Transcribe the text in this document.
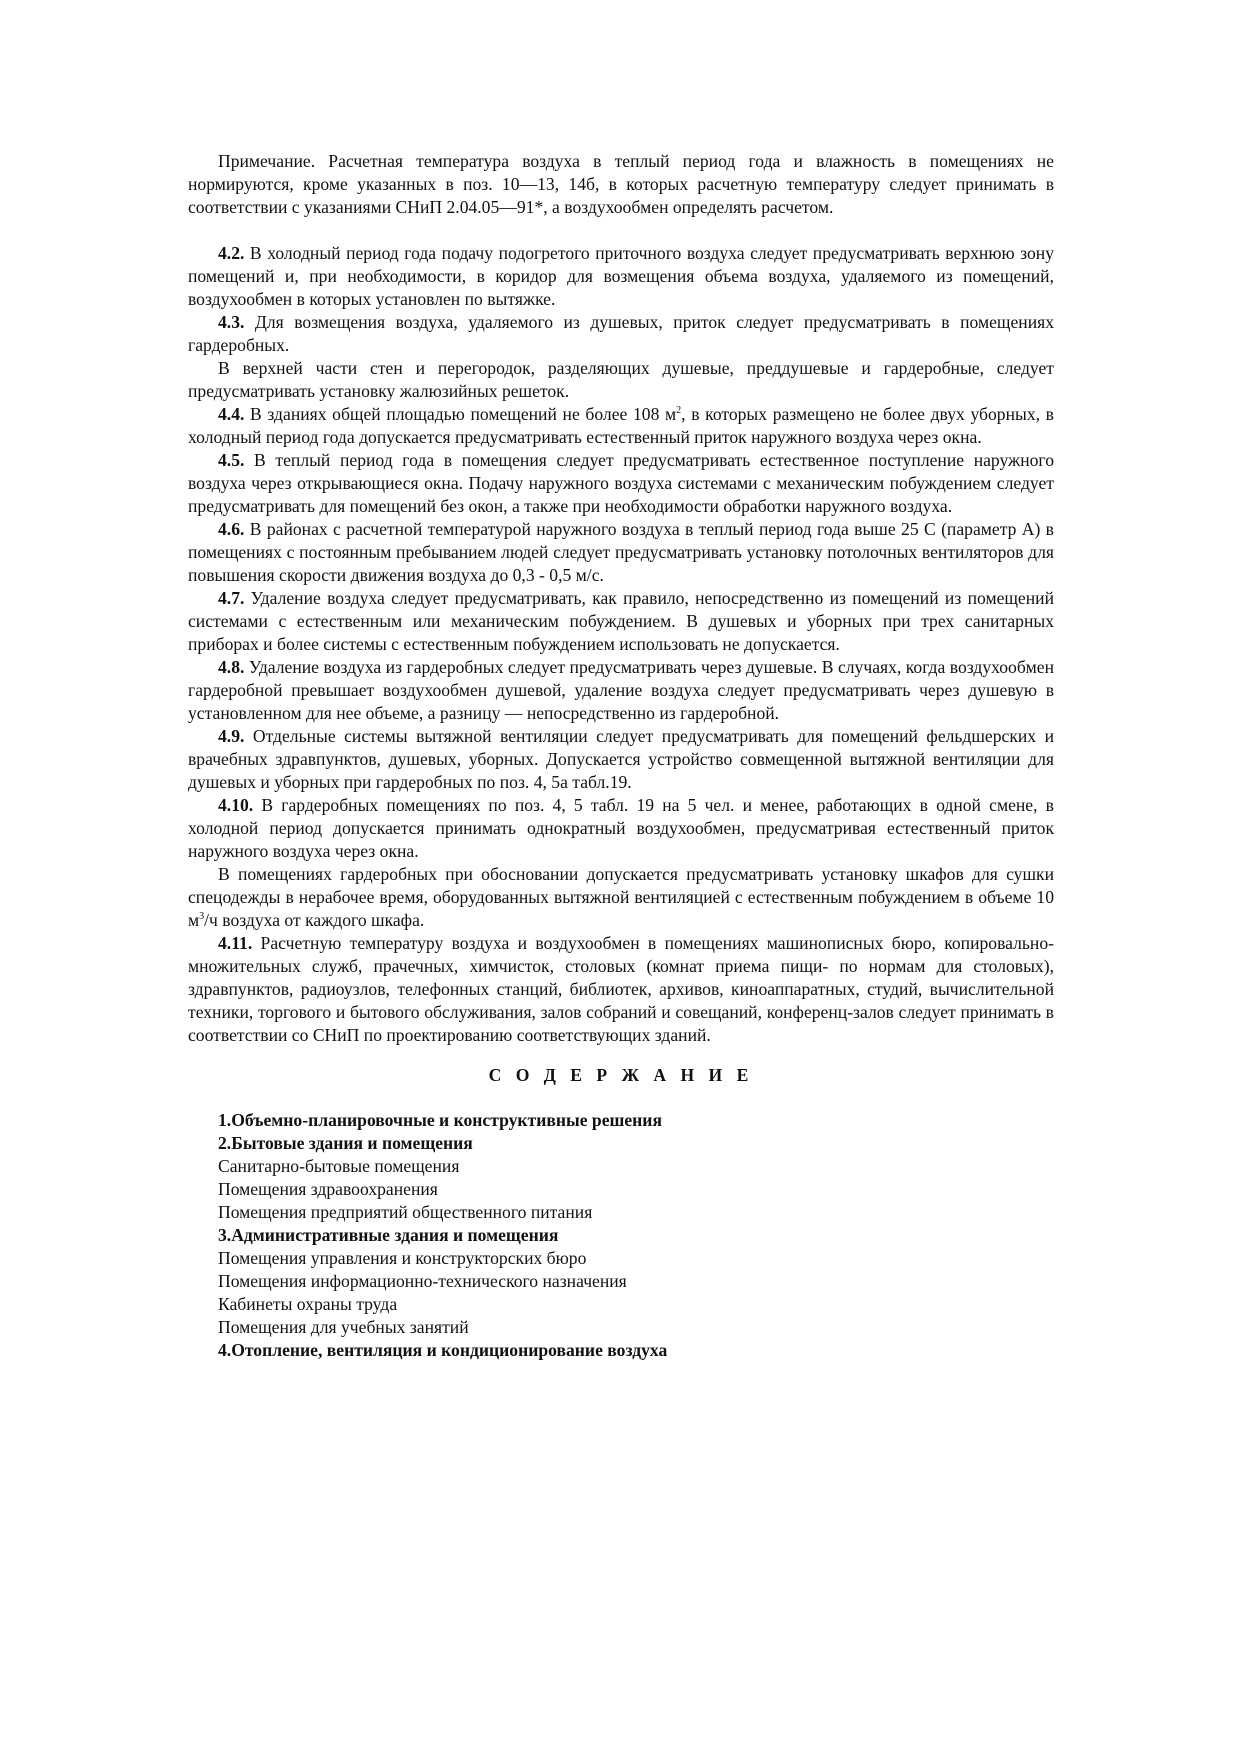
Примечание. Расчетная температура воздуха в теплый период года и влажность в помещениях не нормируются, кроме указанных в поз. 10—13, 14б, в которых расчетную температуру следует принимать в соответствии с указаниями СНиП 2.04.05—91*, а воздухообмен определять расчетом.

4.2. В холодный период года подачу подогретого приточного воздуха следует предусматривать верхнюю зону помещений и, при необходимости, в коридор для возмещения объема воздуха, удаляемого из помещений, воздухообмен в которых установлен по вытяжке.

4.3. Для возмещения воздуха, удаляемого из душевых, приток следует предусматривать в помещениях гардеробных.

В верхней части стен и перегородок, разделяющих душевые, преддушевые и гардеробные, следует предусматривать установку жалюзийных решеток.

4.4. В зданиях общей площадью помещений не более 108 $м^2$, в которых размещено не более двух уборных, в холодный период года допускается предусматривать естественный приток наружного воздуха через окна.

4.5. В теплый период года в помещения следует предусматривать естественное поступление наружного воздуха через открывающиеся окна. Подачу наружного воздуха системами с механическим побуждением следует предусматривать для помещений без окон, а также при необходимости обработки наружного воздуха.

4.6. В районах с расчетной температурой наружного воздуха в теплый период года выше 25 С (параметр А) в помещениях с постоянным пребыванием людей следует предусматривать установку потолочных вентиляторов для повышения скорости движения воздуха до 0,3 - 0,5 м/с.

4.7. Удаление воздуха следует предусматривать, как правило, непосредственно из помещений из помещений системами с естественным или механическим побуждением. В душевых и уборных при трех санитарных приборах и более системы с естественным побуждением использовать не допускается.

4.8. Удаление воздуха из гардеробных следует предусматривать через душевые. В случаях, когда воздухообмен гардеробной превышает воздухообмен душевой, удаление воздуха следует предусматривать через душевую в установленном для нее объеме, а разницу — непосредственно из гардеробной.

4.9. Отдельные системы вытяжной вентиляции следует предусматривать для помещений фельдшерских и врачебных здравпунктов, душевых, уборных. Допускается устройство совмещенной вытяжной вентиляции для душевых и уборных при гардеробных по поз. 4, 5а табл.19.

4.10. В гардеробных помещениях по поз. 4, 5 табл. 19 на 5 чел. и менее, работающих в одной смене, в холодной период допускается принимать однократный воздухообмен, предусматривая естественный приток наружного воздуха через окна.

В помещениях гардеробных при обосновании допускается предусматривать установку шкафов для сушки спецодежды в нерабочее время, оборудованных вытяжной вентиляцией с естественным побуждением в объеме 10 $м^3/ч$ воздуха от каждого шкафа.

4.11. Расчетную температуру воздуха и воздухообмен в помещениях машинописных бюро, копировально-множительных служб, прачечных, химчисток, столовых (комнат приема пищи- по нормам для столовых), здравпунктов, радиоузлов, телефонных станций, библиотек, архивов, киноаппаратных, студий, вычислительной техники, торгового и бытового обслуживания, залов собраний и совещаний, конференц-залов следует принимать в соответствии со СНиП по проектированию соответствующих зданий.

С О Д Е Р Ж А Н И Е
1.Объемно-планировочные и конструктивные решения
2.Бытовые здания и помещения
Санитарно-бытовые помещения
Помещения здравоохранения
Помещения предприятий общественного питания
3.Административные здания и помещения
Помещения управления и конструкторских бюро
Помещения информационно-технического назначения
Кабинеты охраны труда
Помещения для учебных занятий
4.Отопление, вентиляция и кондиционирование воздуха
